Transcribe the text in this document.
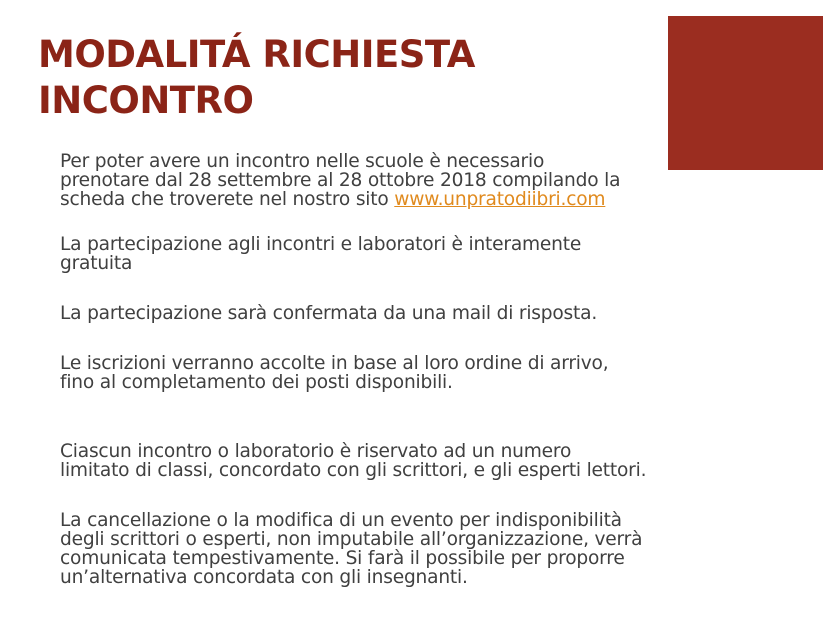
MODALITÁ RICHIESTA
INCONTRO

Per poter avere un incontro nelle scuole è necessario
prenotare dal 28 settembre al 28 ottobre 2018 compilando la
scheda che troverete nel nostro sito www.unpratodiibri.com

La partecipazione agli incontri e laboratori è interamente
gratuita

La partecipazione sarà confermata da una mail di risposta.

Le iscrizioni verranno accolte in base al loro ordine di arrivo,
fino al completamento dei posti disponibili.

Ciascun incontro o laboratorio è riservato ad un numero
limitato di classi, concordato con gli scrittori, e gli esperti lettori.

La cancellazione o la modifica di un evento per indisponibilità
degli scrittori o esperti, non imputabile all’organizzazione, verrà
comunicata tempestivamente. Si farà il possibile per proporre
un’alternativa concordata con gli insegnanti.
